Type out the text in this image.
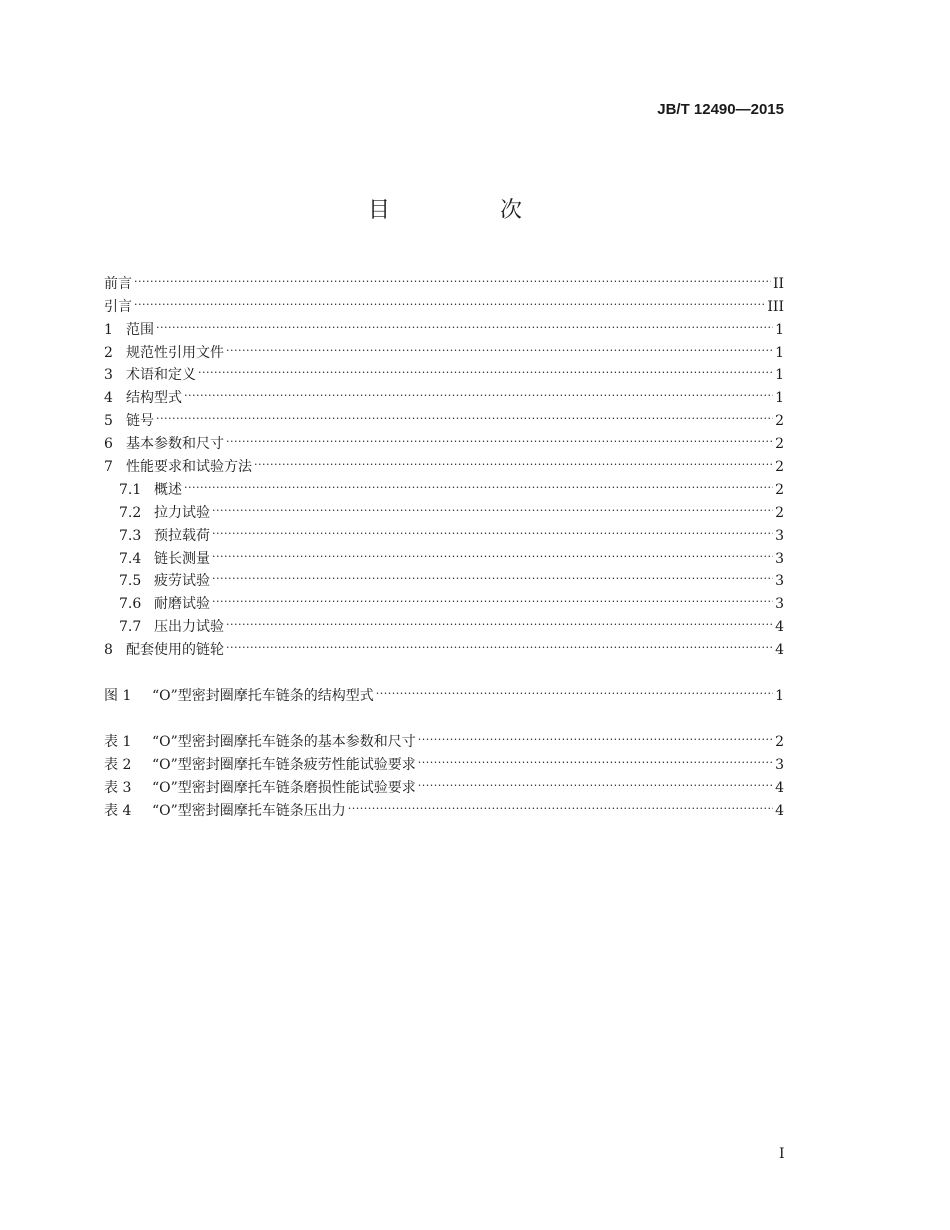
JB/T 12490—2015
目　次
前言 .....	II
引言 .....	III
1 范围 .....	1
2 规范性引用文件 .....	1
3 术语和定义 .....	1
4 结构型式 .....	1
5 链号 .....	2
6 基本参数和尺寸 .....	2
7 性能要求和试验方法 .....	2
7.1 概述 .....	2
7.2 拉力试验 .....	2
7.3 预拉载荷 .....	3
7.4 链长测量 .....	3
7.5 疲劳试验 .....	3
7.6 耐磨试验 .....	3
7.7 压出力试验 .....	4
8 配套使用的链轮 .....	4
图 1	“O”型密封圈摩托车链条的结构型式 .....	1
表 1	“O”型密封圈摩托车链条的基本参数和尺寸 .....	2
表 2	“O”型密封圈摩托车链条疲劳性能试验要求 .....	3
表 3	“O”型密封圈摩托车链条磨损性能试验要求 .....	4
表 4	“O”型密封圈摩托车链条压出力 .....	4
I
